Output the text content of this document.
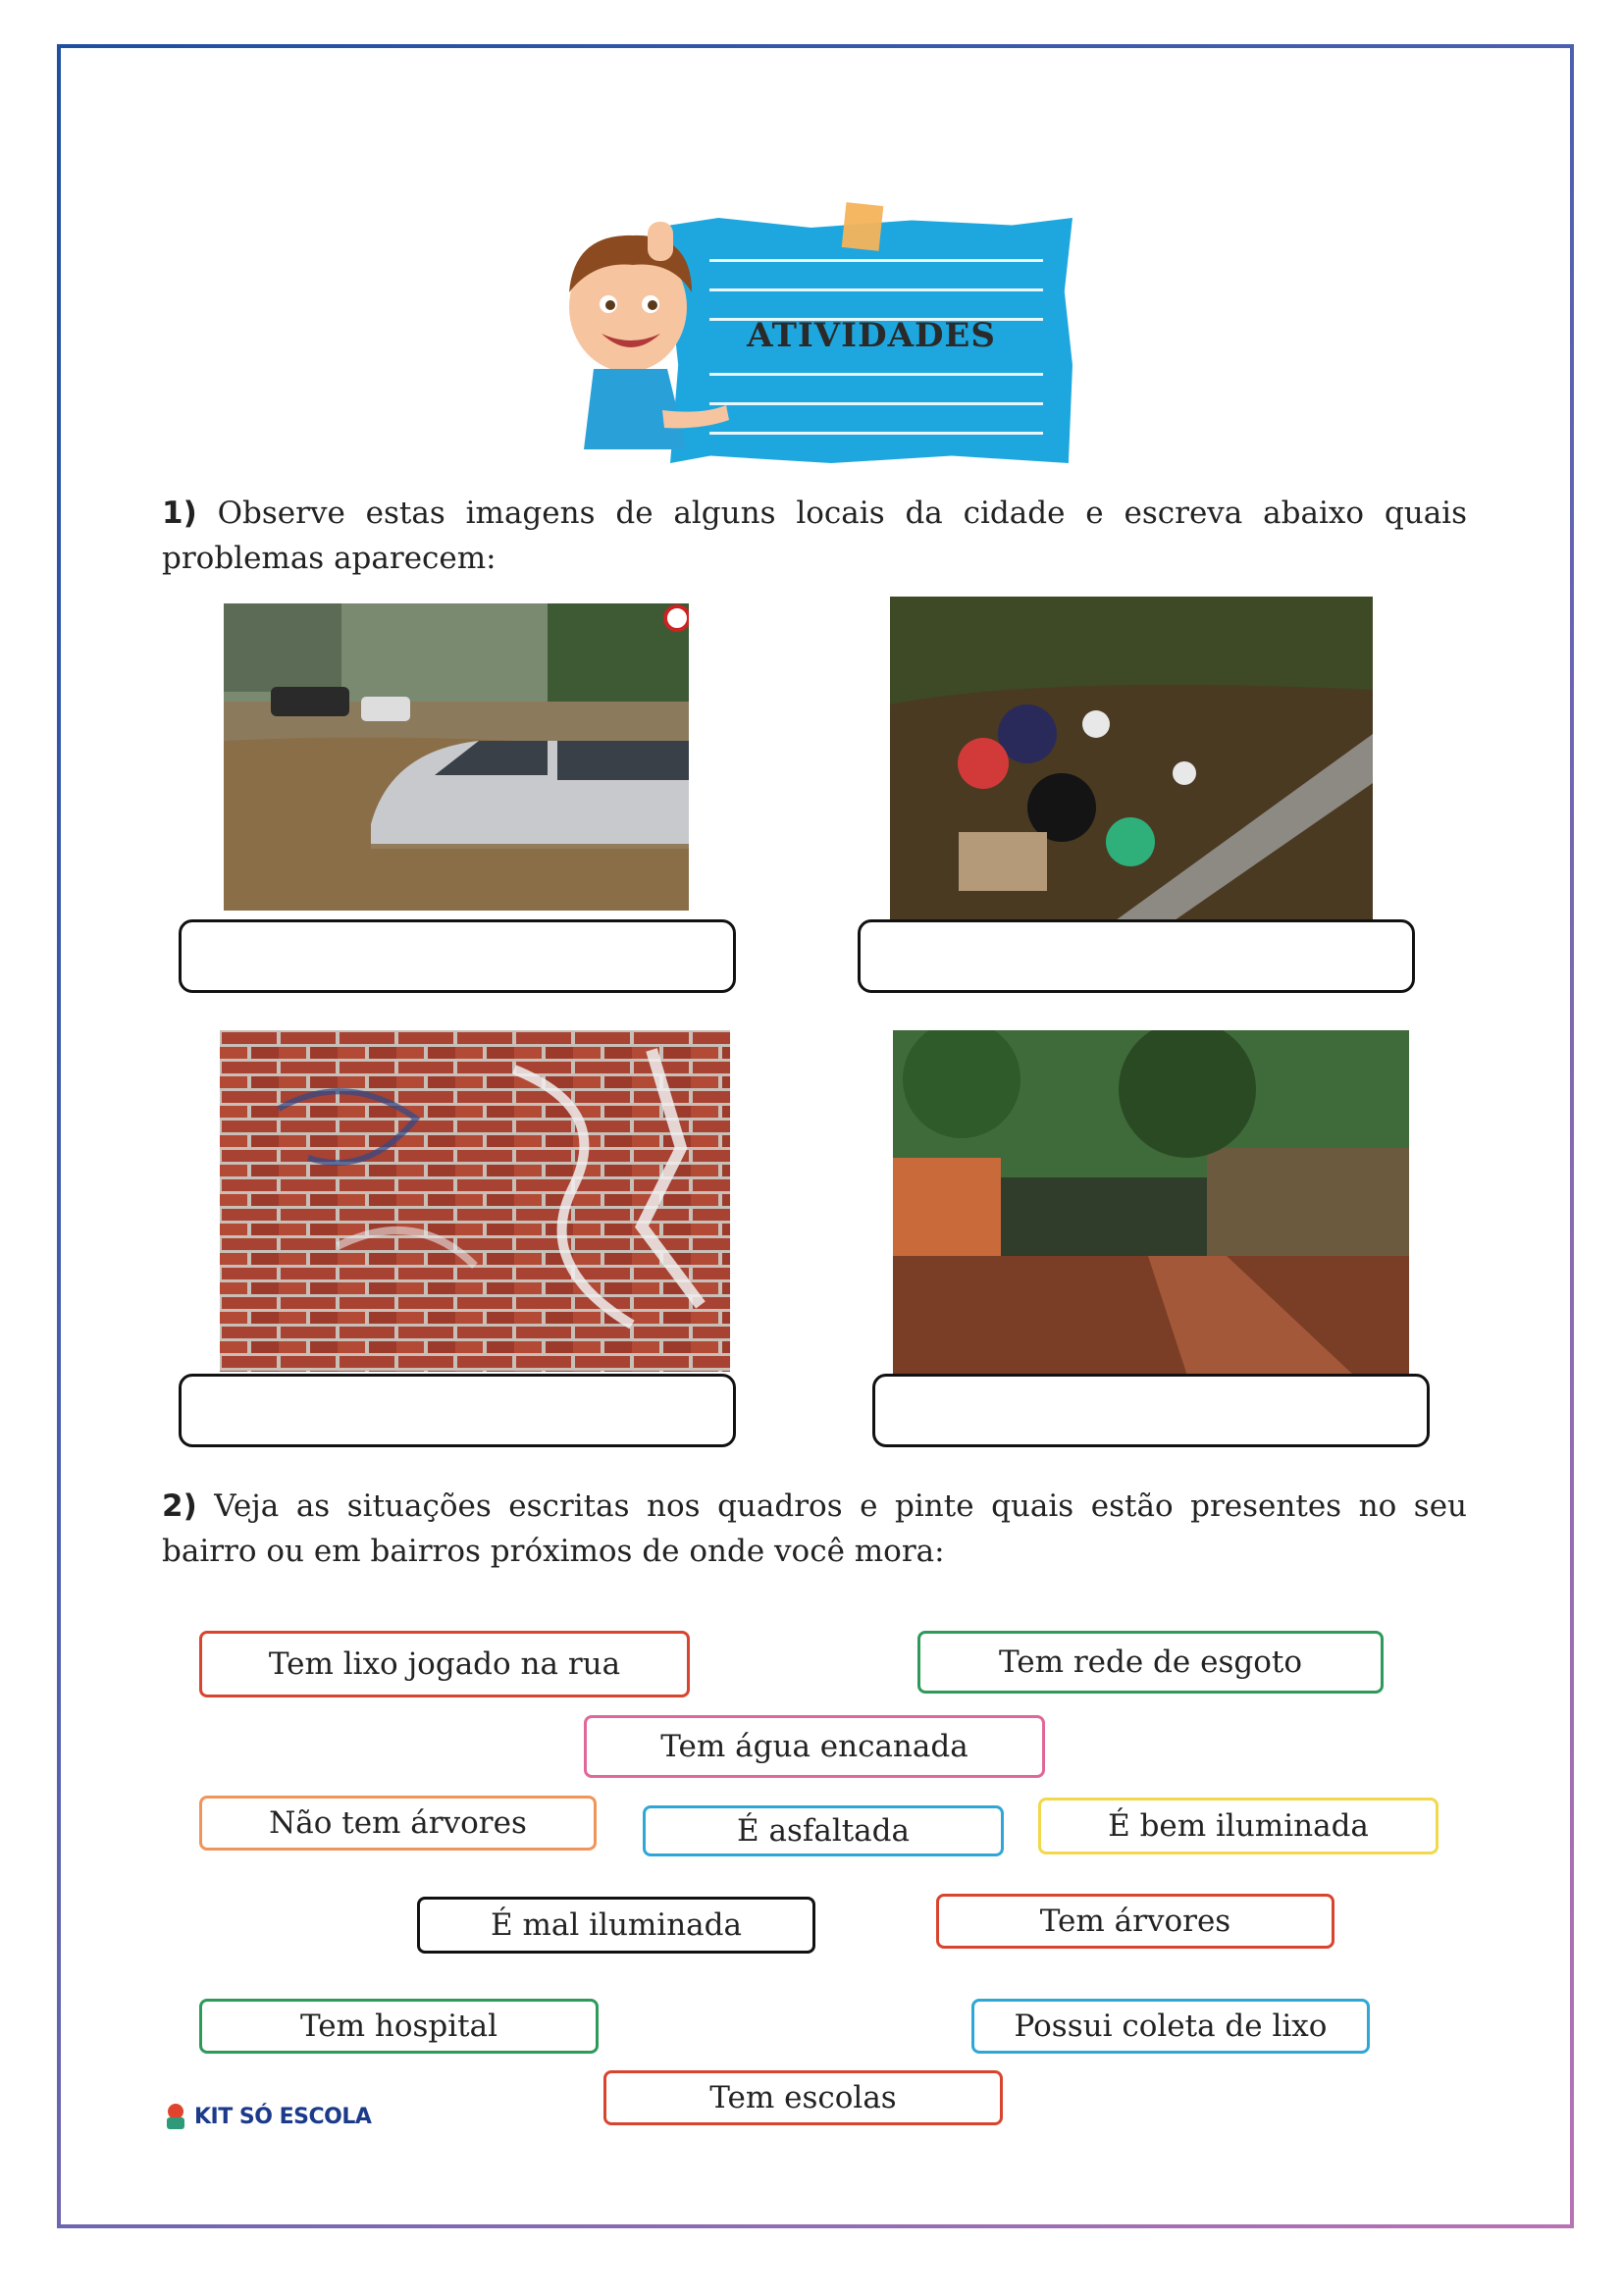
ATIVIDADES
1) Observe estas imagens de alguns locais da cidade e escreva abaixo quais problemas aparecem:
2) Veja as situações escritas nos quadros e pinte quais estão presentes no seu bairro ou em bairros próximos de onde você mora:
Tem lixo jogado na rua	Tem rede de esgoto
Tem água encanada
Não tem árvores	É asfaltada	É bem iluminada
É mal iluminada	Tem árvores
Tem hospital	Possui coleta de lixo
Tem escolas
KIT SÓ ESCOLA
